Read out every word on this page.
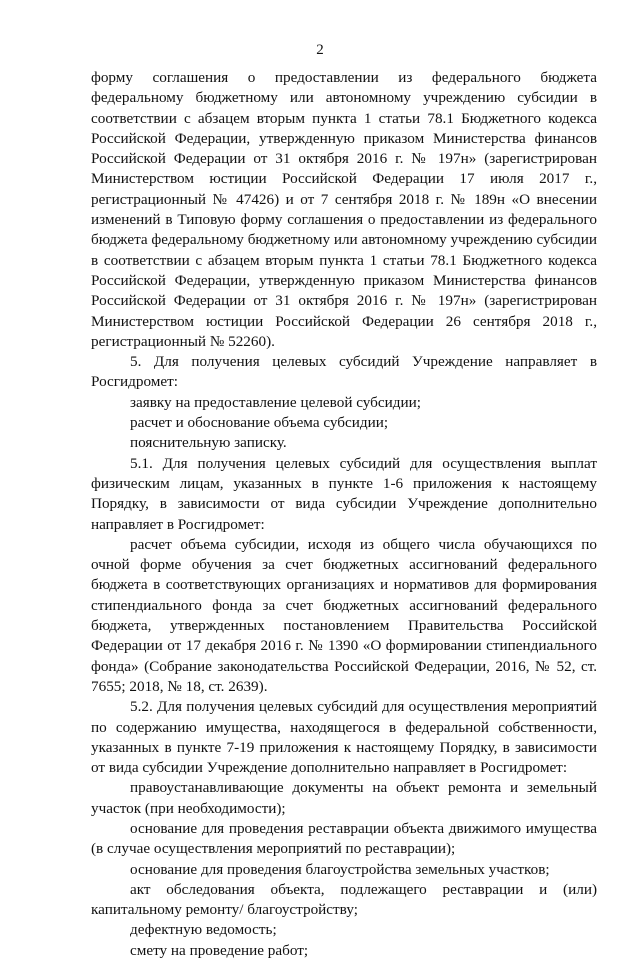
2

форму соглашения о предоставлении из федерального бюджета федеральному бюджетному или автономному учреждению субсидии в соответствии с абзацем вторым пункта 1 статьи 78.1 Бюджетного кодекса Российской Федерации, утвержденную приказом Министерства финансов Российской Федерации от 31 октября 2016 г. № 197н» (зарегистрирован Министерством юстиции Российской Федерации 17 июля 2017 г., регистрационный № 47426) и от 7 сентября 2018 г. № 189н «О внесении изменений в Типовую форму соглашения о предоставлении из федерального бюджета федеральному бюджетному или автономному учреждению субсидии в соответствии с абзацем вторым пункта 1 статьи 78.1 Бюджетного кодекса Российской Федерации, утвержденную приказом Министерства финансов Российской Федерации от 31 октября 2016 г. № 197н» (зарегистрирован Министерством юстиции Российской Федерации 26 сентября 2018 г., регистрационный № 52260).

5. Для получения целевых субсидий Учреждение направляет в Росгидромет:

заявку на предоставление целевой субсидии;

расчет и обоснование объема субсидии;

пояснительную записку.

5.1. Для получения целевых субсидий для осуществления выплат физическим лицам, указанных в пункте 1-6 приложения к настоящему Порядку, в зависимости от вида субсидии Учреждение дополнительно направляет в Росгидромет:

расчет объема субсидии, исходя из общего числа обучающихся по очной форме обучения за счет бюджетных ассигнований федерального бюджета в соответствующих организациях и нормативов для формирования стипендиального фонда за счет бюджетных ассигнований федерального бюджета, утвержденных постановлением Правительства Российской Федерации от 17 декабря 2016 г. № 1390 «О формировании стипендиального фонда» (Собрание законодательства Российской Федерации, 2016, № 52, ст. 7655; 2018, № 18, ст. 2639).

5.2. Для получения целевых субсидий для осуществления мероприятий по содержанию имущества, находящегося в федеральной собственности, указанных в пункте 7-19 приложения к настоящему Порядку, в зависимости от вида субсидии Учреждение дополнительно направляет в Росгидромет:

правоустанавливающие документы на объект ремонта и земельный участок (при необходимости);

основание для проведения реставрации объекта движимого имущества (в случае осуществления мероприятий по реставрации);

основание для проведения благоустройства земельных участков;

акт обследования объекта, подлежащего реставрации и (или) капитальному ремонту/ благоустройству;

дефектную ведомость;

смету на проведение работ;
